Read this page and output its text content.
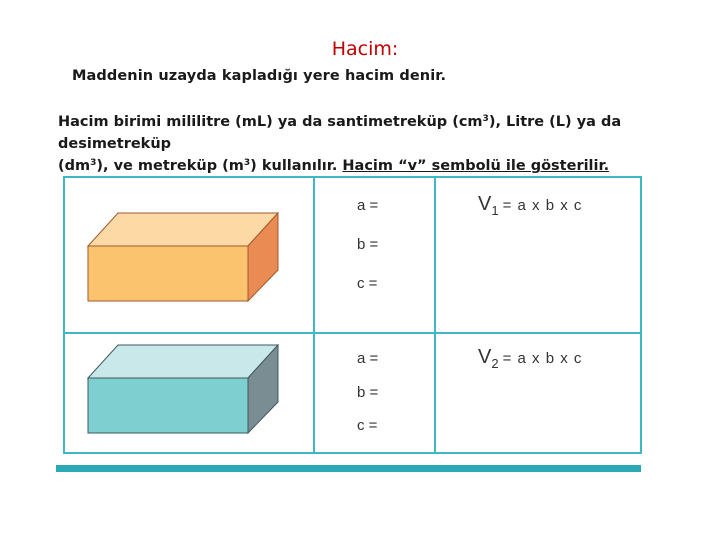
Hacim:
Maddenin uzayda kapladığı yere hacim denir.
Hacim birimi mililitre (mL) ya da santimetreküp $(cm^3)$, Litre (L) ya da desimetreküp
$(dm^3)$, ve metreküp $(m^3)$ kullanılır. Hacim “v” sembolü ile gösterilir.
a =
b =
c =
V1 = a x b x c
a =
b =
c =
V2 = a x b x c
